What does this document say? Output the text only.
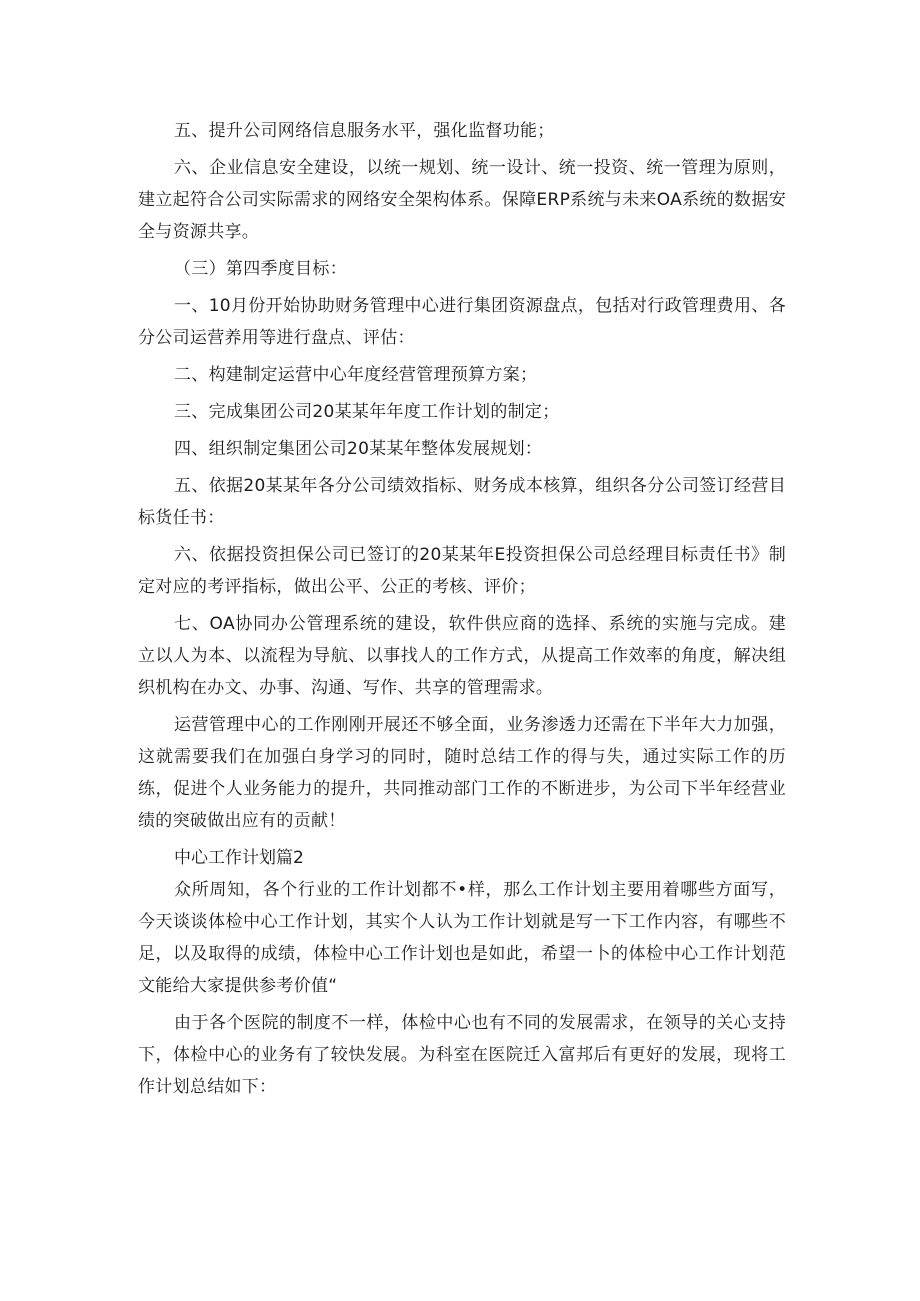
五、提升公司网络信息服务水平，强化监督功能；

六、企业信息安全建设，以统一规划、统一设计、统一投资、统一管理为原则，建立起符合公司实际需求的网络安全架构体系。保障ERP系统与未来OA系统的数据安全与资源共享。

（三）第四季度目标：

一、10月份开始协助财务管理中心进行集团资源盘点，包括对行政管理费用、各分公司运营养用等进行盘点、评估：

二、构建制定运营中心年度经营管理预算方案；

三、完成集团公司20某某年年度工作计划的制定；

四、组织制定集团公司20某某年整体发展规划：

五、依据20某某年各分公司绩效指标、财务成本核算，组织各分公司签订经营目标货任书：

六、依据投资担保公司已签订的20某某年E投资担保公司总经理目标责任书》制定对应的考评指标，做出公平、公正的考核、评价；

七、OA协同办公管理系统的建设，软件供应商的选择、系统的实施与完成。建立以人为本、以流程为导航、以事找人的工作方式，从提高工作效率的角度，解决组织机构在办文、办事、沟通、写作、共享的管理需求。

运营管理中心的工作刚刚开展还不够全面，业务渗透力还需在下半年大力加强，这就需要我们在加强白身学习的同时，随时总结工作的得与失，通过实际工作的历练，促进个人业务能力的提升，共同推动部门工作的不断进步，为公司下半年经营业绩的突破做出应有的贡献！

中心工作计划篇2

众所周知，各个行业的工作计划都不•样，那么工作计划主要用着哪些方面写，今天谈谈体检中心工作计划，其实个人认为工作计划就是写一下工作内容，有哪些不足，以及取得的成绩，体检中心工作计划也是如此，希望一卜的体检中心工作计划范文能给大家提供参考价值“

由于各个医院的制度不一样，体检中心也有不同的发展需求，在领导的关心支持下，体检中心的业务有了较快发展。为科室在医院迁入富邦后有更好的发展，现将工作计划总结如下：
